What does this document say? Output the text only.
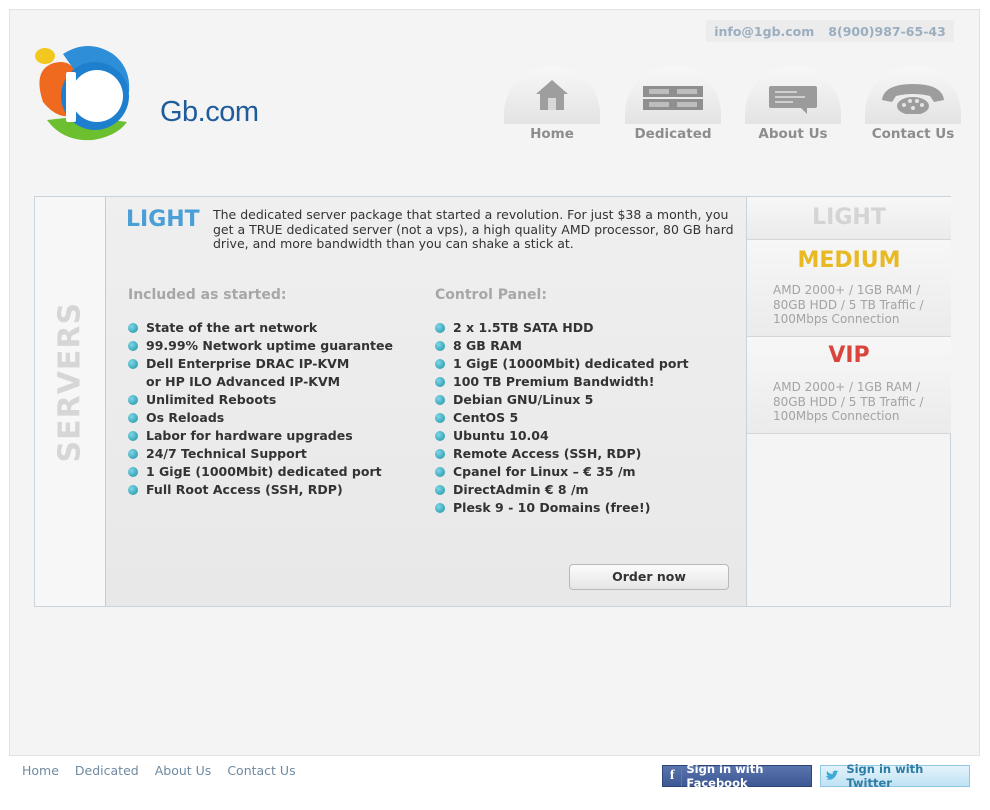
info@1gb.com 8(900)987-65-43
Gb.com
Home	Dedicated	About Us	Contact Us
SERVERS
LIGHT The dedicated server package that started a revolution. For just $38 a month, you get a TRUE dedicated server (not a vps), a high quality AMD processor, 80 GB hard drive, and more bandwidth than you can shake a stick at.
Included as started:
State of the art network
99.99% Network uptime guarantee
Dell Enterprise DRAC IP-KVM
or HP ILO Advanced IP-KVM
Unlimited Reboots
Os Reloads
Labor for hardware upgrades
24/7 Technical Support
1 GigE (1000Mbit) dedicated port
Full Root Access (SSH, RDP)
Control Panel:
2 x 1.5TB SATA HDD
8 GB RAM
1 GigE (1000Mbit) dedicated port
100 TB Premium Bandwidth!
Debian GNU/Linux 5
CentOS 5
Ubuntu 10.04
Remote Access (SSH, RDP)
Cpanel for Linux – € 35 /m
DirectAdmin € 8 /m
Plesk 9 - 10 Domains (free!)
Order now
LIGHT
MEDIUM
AMD 2000+ / 1GB RAM / 80GB HDD / 5 TB Traffic / 100Mbps Connection
VIP
AMD 2000+ / 1GB RAM / 80GB HDD / 5 TB Traffic / 100Mbps Connection
Home Dedicated About Us Contact Us	f	Sign in with Facebook
Sign in with Twitter
